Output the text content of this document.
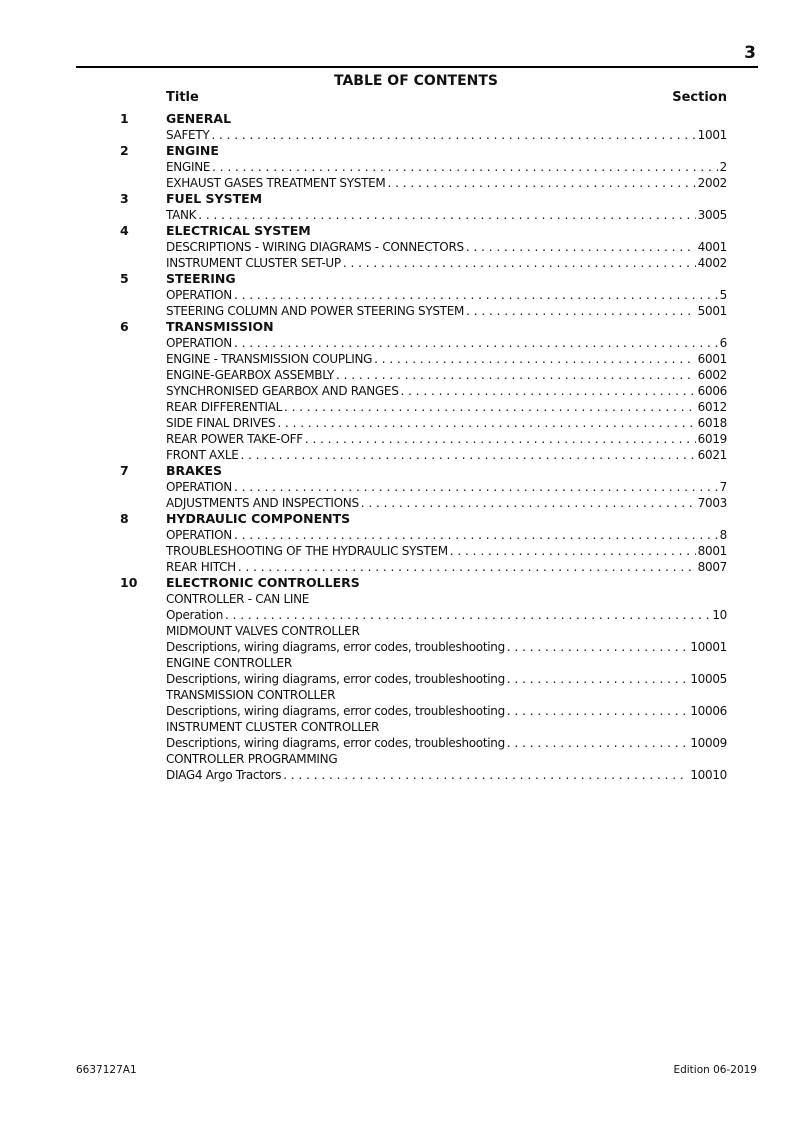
3
TABLE OF CONTENTS
Title	Section
1	GENERAL
SAFETY . . .	1001
2	ENGINE
ENGINE . . .	2
EXHAUST GASES TREATMENT SYSTEM . . .	2002
3	FUEL SYSTEM
TANK . . .	3005
4	ELECTRICAL SYSTEM
DESCRIPTIONS - WIRING DIAGRAMS - CONNECTORS . . .	4001
INSTRUMENT CLUSTER SET-UP . . .	4002
5	STEERING
OPERATION . . .	5
STEERING COLUMN AND POWER STEERING SYSTEM . . .	5001
6	TRANSMISSION
OPERATION . . .	6
ENGINE - TRANSMISSION COUPLING . . .	6001
ENGINE-GEARBOX ASSEMBLY . . .	6002
SYNCHRONISED GEARBOX AND RANGES . . .	6006
REAR DIFFERENTIAL . . .	6012
SIDE FINAL DRIVES . . .	6018
REAR POWER TAKE-OFF . . .	6019
FRONT AXLE . . .	6021
7	BRAKES
OPERATION . . .	7
ADJUSTMENTS AND INSPECTIONS . . .	7003
8	HYDRAULIC COMPONENTS
OPERATION . . .	8
TROUBLESHOOTING OF THE HYDRAULIC SYSTEM . . .	8001
REAR HITCH . . .	8007
10 ELECTRONIC CONTROLLERS
CONTROLLER - CAN LINE
Operation . . .	10
MIDMOUNT VALVES CONTROLLER
Descriptions, wiring diagrams, error codes, troubleshooting . . .	10001
ENGINE CONTROLLER
Descriptions, wiring diagrams, error codes, troubleshooting . . .	10005
TRANSMISSION CONTROLLER
Descriptions, wiring diagrams, error codes, troubleshooting . . .	10006
INSTRUMENT CLUSTER CONTROLLER
Descriptions, wiring diagrams, error codes, troubleshooting . . .	10009
CONTROLLER PROGRAMMING
DIAG4 Argo Tractors . . .	10010
6637127A1	Edition 06-2019
